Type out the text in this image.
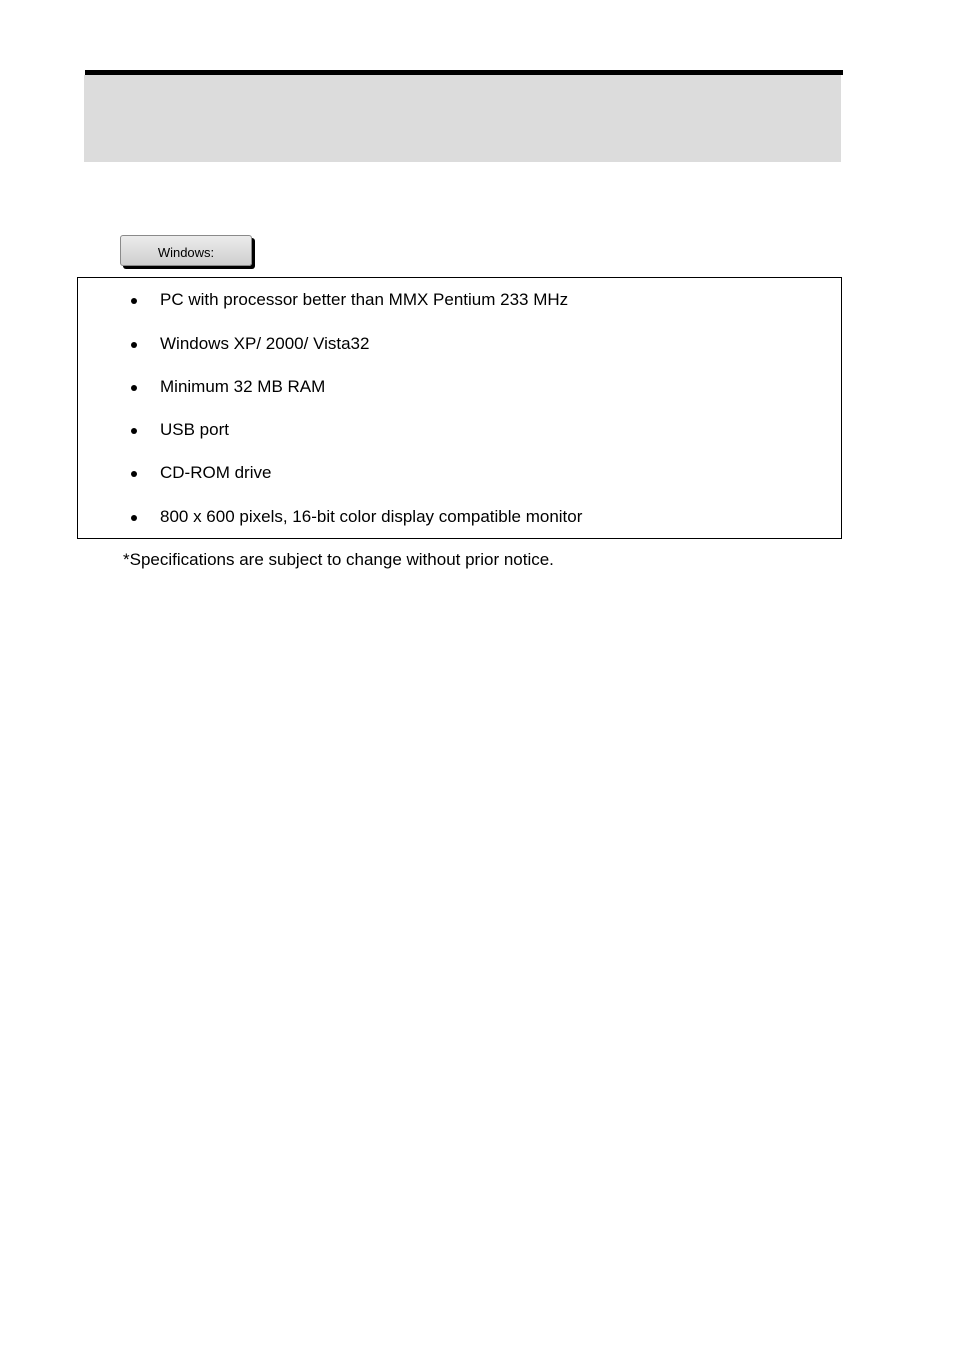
Windows:
PC with processor better than MMX Pentium 233 MHz
Windows XP/ 2000/ Vista32
Minimum 32 MB RAM
USB port
CD-ROM drive
800 x 600 pixels, 16-bit color display compatible monitor
*Specifications are subject to change without prior notice.
